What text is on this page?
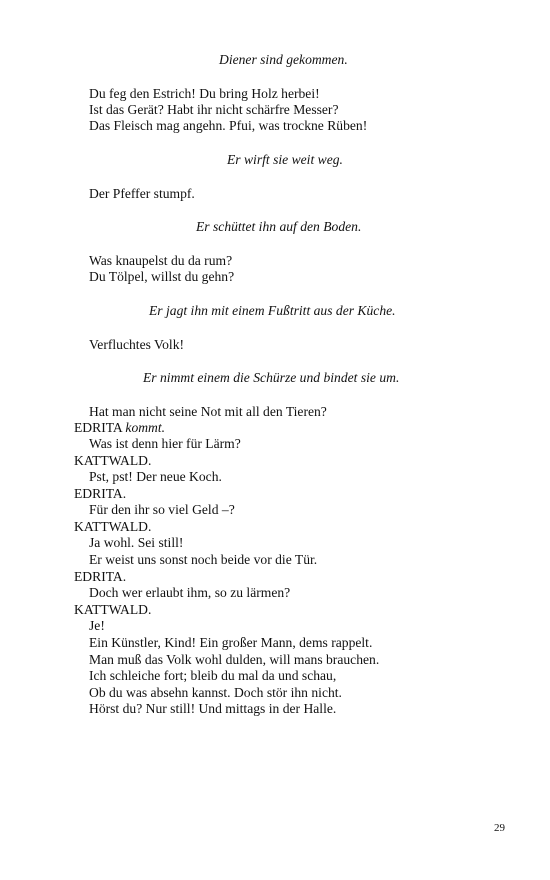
Diener sind gekommen.
Du feg den Estrich! Du bring Holz herbei!
Ist das Gerät? Habt ihr nicht schärfre Messer?
Das Fleisch mag angehn. Pfui, was trockne Rüben!
Er wirft sie weit weg.
Der Pfeffer stumpf.
Er schüttet ihn auf den Boden.
Was knaupelst du da rum?
Du Tölpel, willst du gehn?
Er jagt ihn mit einem Fußtritt aus der Küche.
Verfluchtes Volk!
Er nimmt einem die Schürze und bindet sie um.
Hat man nicht seine Not mit all den Tieren?
EDRITA kommt.
Was ist denn hier für Lärm?
KATTWALD.
Pst, pst! Der neue Koch.
EDRITA.
Für den ihr so viel Geld –?
KATTWALD.
Ja wohl. Sei still!
Er weist uns sonst noch beide vor die Tür.
EDRITA.
Doch wer erlaubt ihm, so zu lärmen?
KATTWALD.
Je!
Ein Künstler, Kind! Ein großer Mann, dems rappelt.
Man muß das Volk wohl dulden, will mans brauchen.
Ich schleiche fort; bleib du mal da und schau,
Ob du was absehn kannst. Doch stör ihn nicht.
Hörst du? Nur still! Und mittags in der Halle.
29
